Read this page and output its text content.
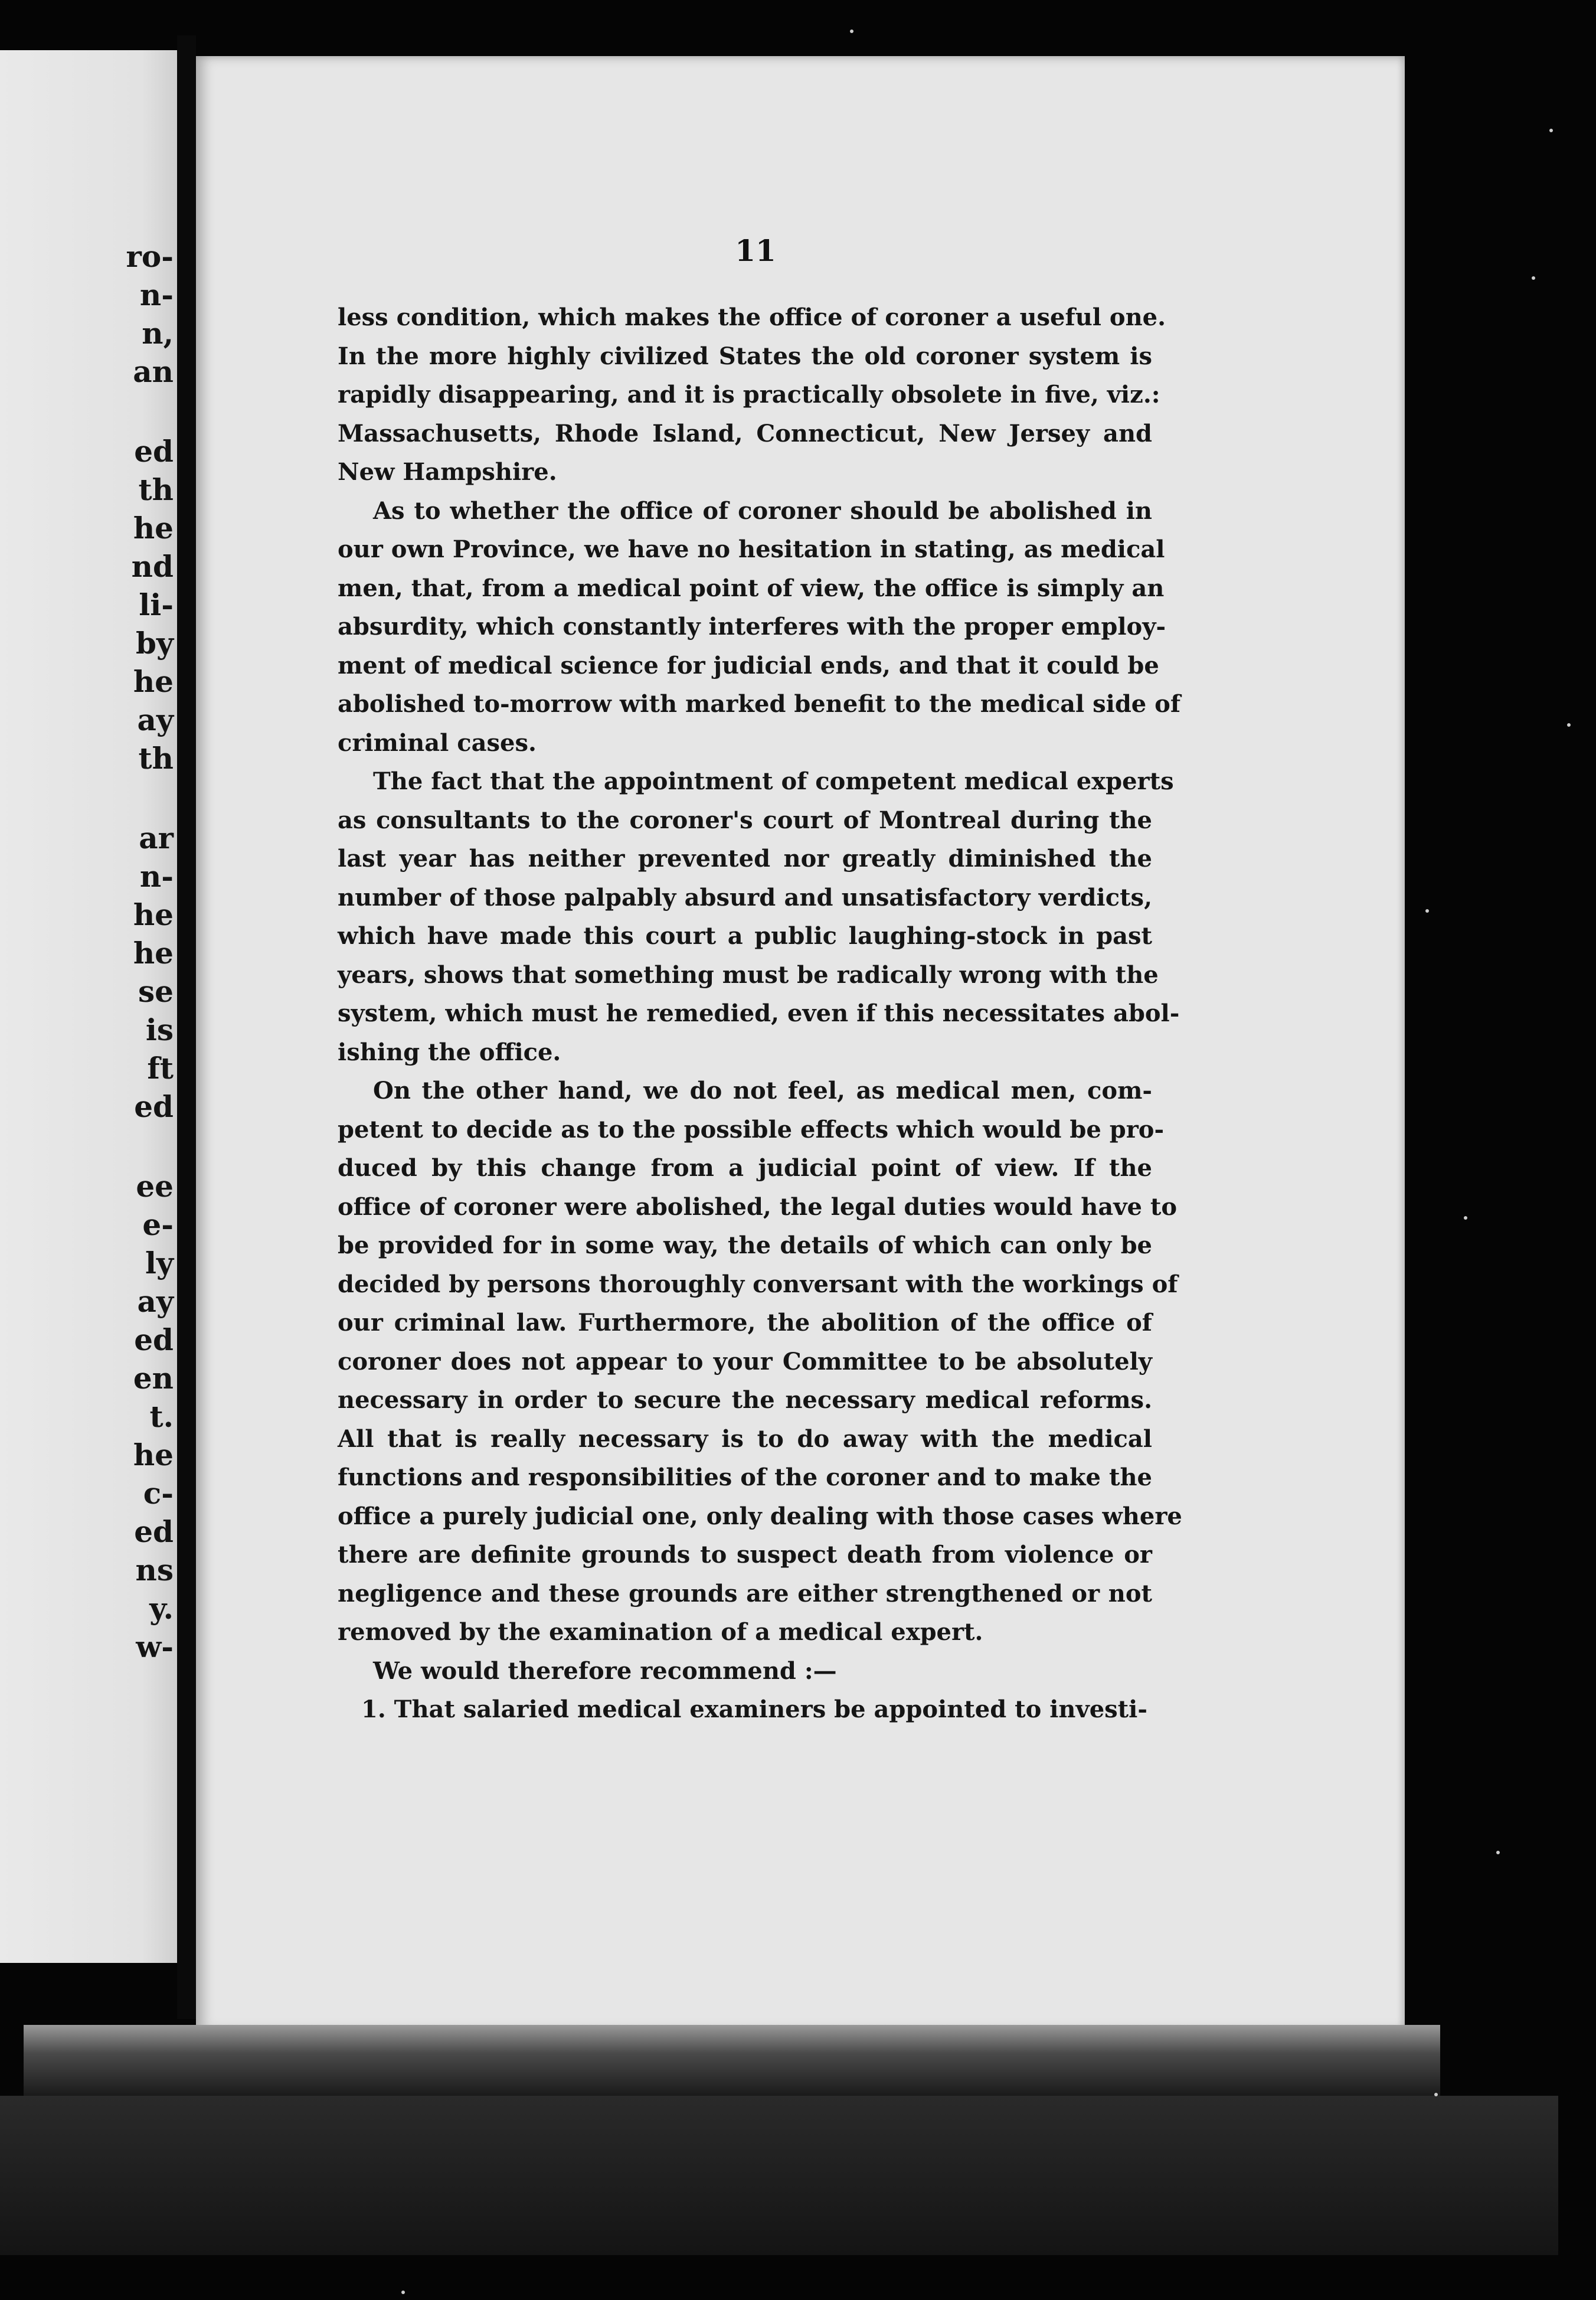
ro-
n-
n,
an
ed
th
he
nd
li-
by
he
ay
th
ar
n-
he
he
se
is
ft
ed
ee
e-
ly
ay
ed
en
t.
he
c-
ed
ns
y.
w-
11

less condition, which makes the office of coroner a useful one.
In the more highly civilized States the old coroner system is
rapidly disappearing, and it is practically obsolete in five, viz.:
Massachusetts, Rhode Island, Connecticut, New Jersey and
New Hampshire.

As to whether the office of coroner should be abolished in
our own Province, we have no hesitation in stating, as medical
men, that, from a medical point of view, the office is simply an
absurdity, which constantly interferes with the proper employ-
ment of medical science for judicial ends, and that it could be
abolished to-morrow with marked benefit to the medical side of
criminal cases.

The fact that the appointment of competent medical experts
as consultants to the coroner's court of Montreal during the
last year has neither prevented nor greatly diminished the
number of those palpably absurd and unsatisfactory verdicts,
which have made this court a public laughing-stock in past
years, shows that something must be radically wrong with the
system, which must he remedied, even if this necessitates abol-
ishing the office.

On the other hand, we do not feel, as medical men, com-
petent to decide as to the possible effects which would be pro-
duced by this change from a judicial point of view. If the
office of coroner were abolished, the legal duties would have to
be provided for in some way, the details of which can only be
decided by persons thoroughly conversant with the workings of
our criminal law. Furthermore, the abolition of the office of
coroner does not appear to your Committee to be absolutely
necessary in order to secure the necessary medical reforms.
All that is really necessary is to do away with the medical
functions and responsibilities of the coroner and to make the
office a purely judicial one, only dealing with those cases where
there are definite grounds to suspect death from violence or
negligence and these grounds are either strengthened or not
removed by the examination of a medical expert.

We would therefore recommend :—

1. That salaried medical examiners be appointed to investi-
